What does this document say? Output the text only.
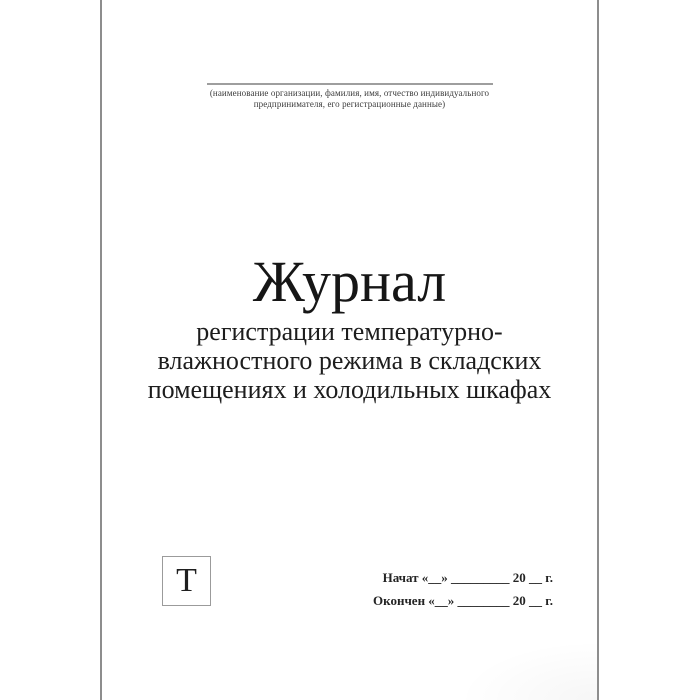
(наименование организации, фамилия, имя, отчество индивидуального
предпринимателя, его регистрационные данные)
Журнал
регистрации температурно-
влажностного режима в складских
помещениях и холодильных шкафах
Т	Начат «__» _________ 20 __ г.
Окончен «__» ________ 20 __ г.
